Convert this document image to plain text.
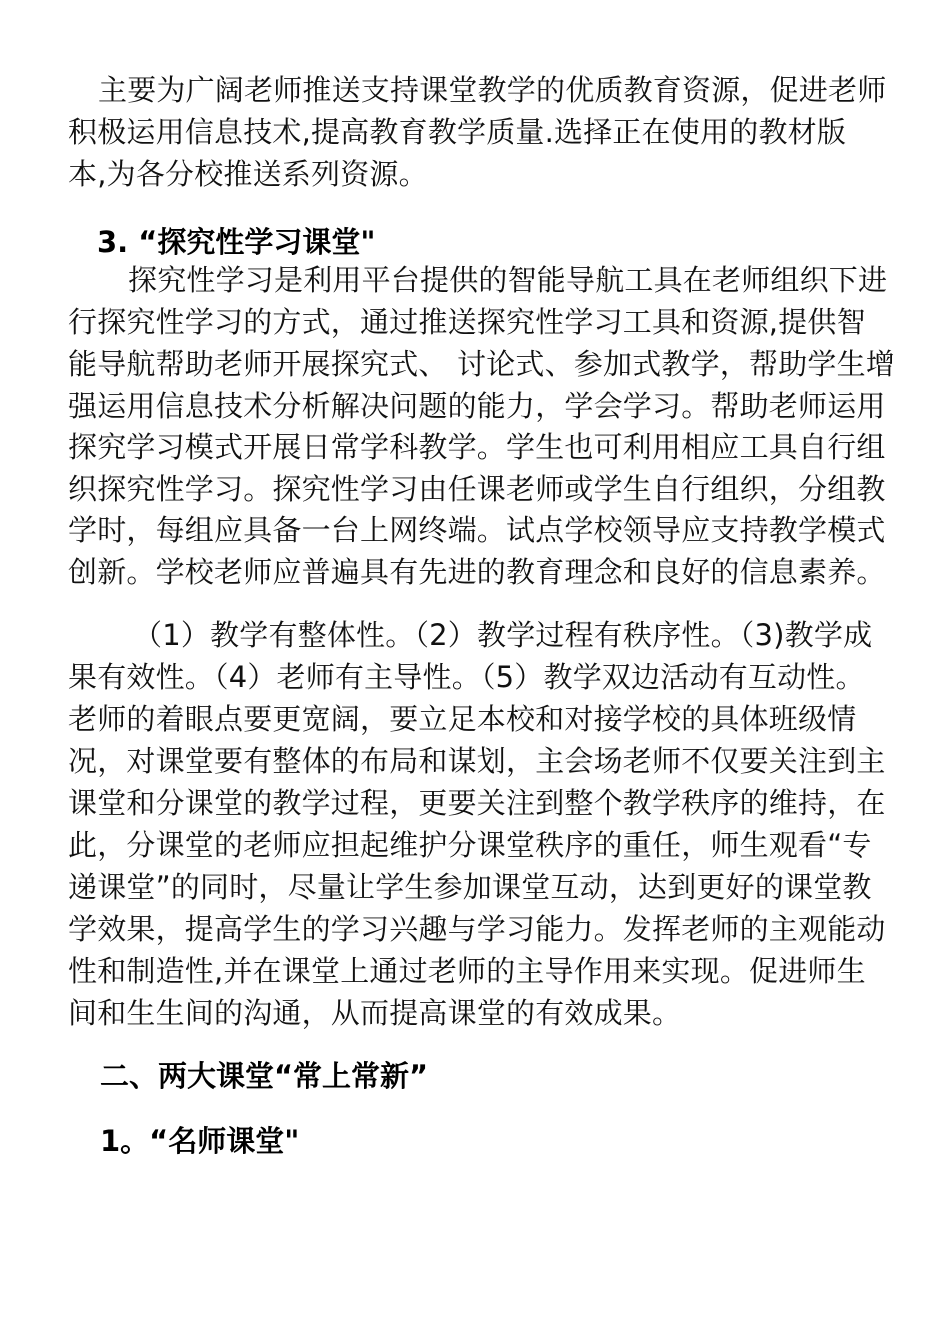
主要为广阔老师推送支持课堂教学的优质教育资源，促进老师
积极运用信息技术,提高教育教学质量.选择正在使用的教材版
本,为各分校推送系列资源。
3. “探究性学习课堂"
探究性学习是利用平台提供的智能导航工具在老师组织下进
行探究性学习的方式，通过推送探究性学习工具和资源,提供智
能导航帮助老师开展探究式、 讨论式、参加式教学，帮助学生增
强运用信息技术分析解决问题的能力，学会学习。帮助老师运用
探究学习模式开展日常学科教学。学生也可利用相应工具自行组
织探究性学习。探究性学习由任课老师或学生自行组织，分组教
学时，每组应具备一台上网终端。试点学校领导应支持教学模式
创新。学校老师应普遍具有先进的教育理念和良好的信息素养。
（1）教学有整体性。（2）教学过程有秩序性。（3)教学成
果有效性。（4）老师有主导性。（5）教学双边活动有互动性。
老师的着眼点要更宽阔，要立足本校和对接学校的具体班级情
况，对课堂要有整体的布局和谋划，主会场老师不仅要关注到主
课堂和分课堂的教学过程，更要关注到整个教学秩序的维持，在
此，分课堂的老师应担起维护分课堂秩序的重任，师生观看“专
递课堂”的同时，尽量让学生参加课堂互动，达到更好的课堂教
学效果，提高学生的学习兴趣与学习能力。发挥老师的主观能动
性和制造性,并在课堂上通过老师的主导作用来实现。促进师生
间和生生间的沟通，从而提高课堂的有效成果。
二、两大课堂“常上常新”
1。“名师课堂"
